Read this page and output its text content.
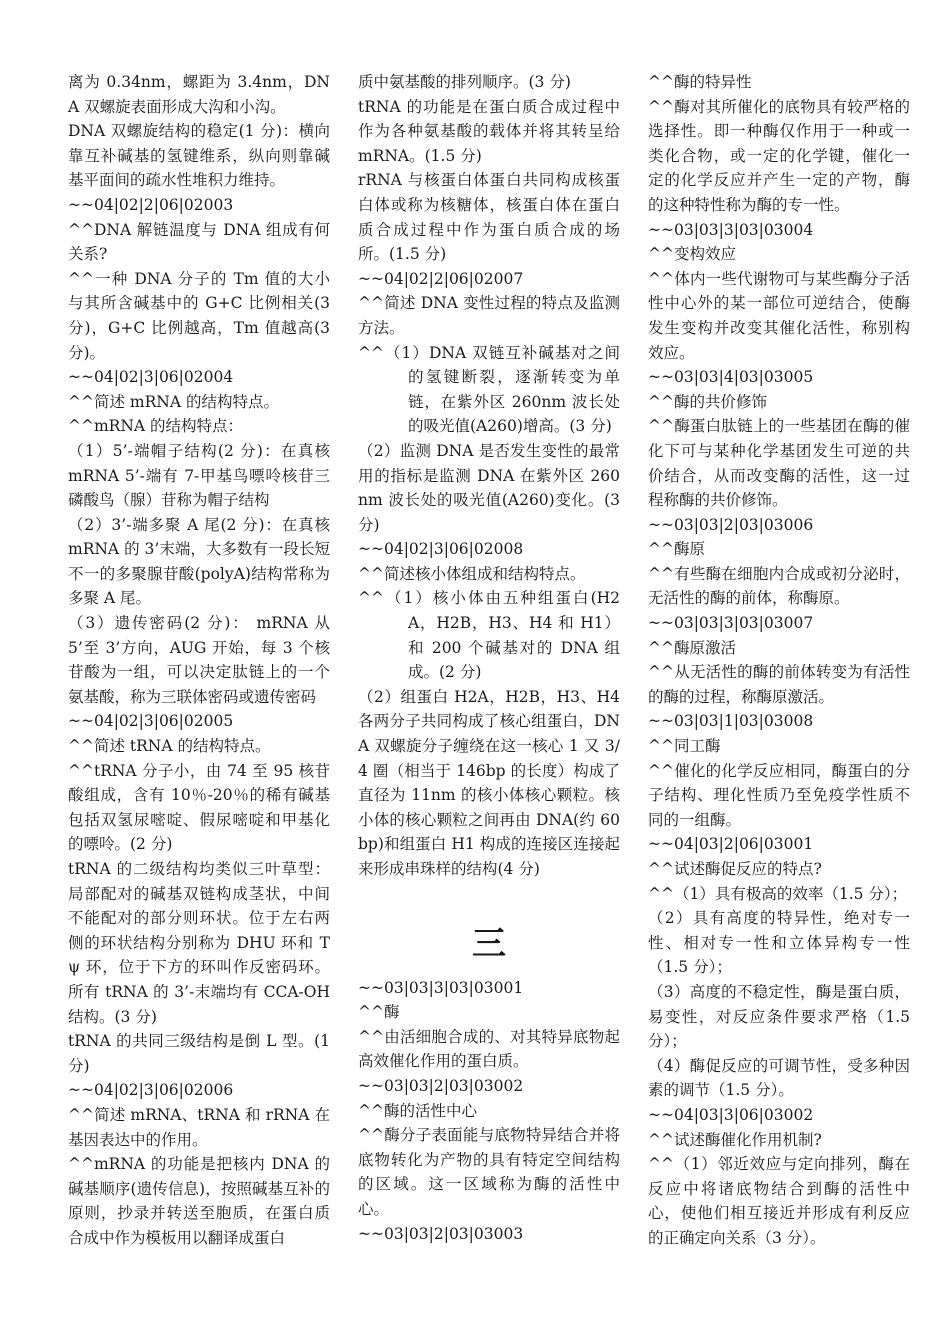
离为 0.34nm，螺距为 3.4nm，DNA 双螺旋表面形成大沟和小沟。

DNA 双螺旋结构的稳定(1 分)：横向靠互补碱基的氢键维系，纵向则靠碱基平面间的疏水性堆积力维持。

~~04|02|2|06|02003

^^DNA 解链温度与 DNA 组成有何关系?

^^一种 DNA 分子的 Tm 值的大小与其所含碱基中的 G+C 比例相关(3 分)，G+C 比例越高，Tm 值越高(3 分)。

~~04|02|3|06|02004

^^简述 mRNA 的结构特点。

^^mRNA 的结构特点：

（1）5’-端帽子结构(2 分)：在真核 mRNA 5’-端有 7-甲基鸟嘌呤核苷三磷酸鸟（腺）苷称为帽子结构

（2）3’-端多聚 A 尾(2 分)：在真核 mRNA 的 3’末端，大多数有一段长短不一的多聚腺苷酸(polyA)结构常称为多聚 A 尾。

（3）遗传密码(2 分)： mRNA 从 5’至 3’方向，AUG 开始，每 3 个核苷酸为一组，可以决定肽链上的一个氨基酸，称为三联体密码或遗传密码

~~04|02|3|06|02005

^^简述 tRNA 的结构特点。

^^tRNA 分子小，由 74 至 95 核苷酸组成，含有 10％-20％的稀有碱基包括双氢尿嘧啶、假尿嘧啶和甲基化的嘌呤。(2 分)

tRNA 的二级结构均类似三叶草型：局部配对的碱基双链构成茎状，中间不能配对的部分则环状。位于左右两侧的环状结构分别称为 DHU 环和 Tψ 环，位于下方的环叫作反密码环。所有 tRNA 的 3’-末端均有 CCA-OH 结构。(3 分)

tRNA 的共同三级结构是倒 L 型。(1 分)

~~04|02|3|06|02006

^^简述 mRNA、tRNA 和 rRNA 在基因表达中的作用。

^^mRNA 的功能是把核内 DNA 的碱基顺序(遗传信息)，按照碱基互补的原则，抄录并转送至胞质，在蛋白质合成中作为模板用以翻译成蛋白

质中氨基酸的排列顺序。(3 分)

tRNA 的功能是在蛋白质合成过程中作为各种氨基酸的载体并将其转呈给 mRNA。(1.5 分)

rRNA 与核蛋白体蛋白共同构成核蛋白体或称为核糖体，核蛋白体在蛋白质合成过程中作为蛋白质合成的场所。(1.5 分)

~~04|02|2|06|02007

^^简述 DNA 变性过程的特点及监测方法。

^^（1）DNA 双链互补碱基对之间的氢键断裂，逐渐转变为单链，在紫外区 260nm 波长处的吸光值(A260)增高。(3 分)

（2）监测 DNA 是否发生变性的最常用的指标是监测 DNA 在紫外区 260nm 波长处的吸光值(A260)变化。(3 分)

~~04|02|3|06|02008

^^简述核小体组成和结构特点。

^^（1）核小体由五种组蛋白(H2A，H2B，H3、H4 和 H1）和 200 个碱基对的 DNA 组成。(2 分)

（2）组蛋白 H2A，H2B，H3、H4 各两分子共同构成了核心组蛋白，DNA 双螺旋分子缠绕在这一核心 1 又 3/4 圈（相当于 146bp 的长度）构成了直径为 11nm 的核小体核心颗粒。核小体的核心颗粒之间再由 DNA(约 60 bp)和组蛋白 H1 构成的连接区连接起来形成串珠样的结构(4 分)

三

~~03|03|3|03|03001

^^酶

^^由活细胞合成的、对其特异底物起高效催化作用的蛋白质。

~~03|03|2|03|03002

^^酶的活性中心

^^酶分子表面能与底物特异结合并将底物转化为产物的具有特定空间结构的区域。这一区域称为酶的活性中心。

~~03|03|2|03|03003

^^酶的特异性

^^酶对其所催化的底物具有较严格的选择性。即一种酶仅作用于一种或一类化合物，或一定的化学键，催化一定的化学反应并产生一定的产物，酶的这种特性称为酶的专一性。

~~03|03|3|03|03004

^^变构效应

^^体内一些代谢物可与某些酶分子活性中心外的某一部位可逆结合，使酶发生变构并改变其催化活性，称别构效应。

~~03|03|4|03|03005

^^酶的共价修饰

^^酶蛋白肽链上的一些基团在酶的催化下可与某种化学基团发生可逆的共价结合，从而改变酶的活性，这一过程称酶的共价修饰。

~~03|03|2|03|03006

^^酶原

^^有些酶在细胞内合成或初分泌时，无活性的酶的前体，称酶原。

~~03|03|3|03|03007

^^酶原激活

^^从无活性的酶的前体转变为有活性的酶的过程，称酶原激活。

~~03|03|1|03|03008

^^同工酶

^^催化的化学反应相同，酶蛋白的分子结构、理化性质乃至免疫学性质不同的一组酶。

~~04|03|2|06|03001

^^试述酶促反应的特点?

^^（1）具有极高的效率（1.5 分）；

（2）具有高度的特异性，绝对专一性、相对专一性和立体异构专一性（1.5 分）；

（3）高度的不稳定性，酶是蛋白质，易变性，对反应条件要求严格（1.5 分）；

（4）酶促反应的可调节性，受多种因素的调节（1.5 分）。

~~04|03|3|06|03002

^^试述酶催化作用机制?

^^（1）邻近效应与定向排列，酶在反应中将诸底物结合到酶的活性中心，使他们相互接近并形成有利反应的正确定向关系（3 分）。
